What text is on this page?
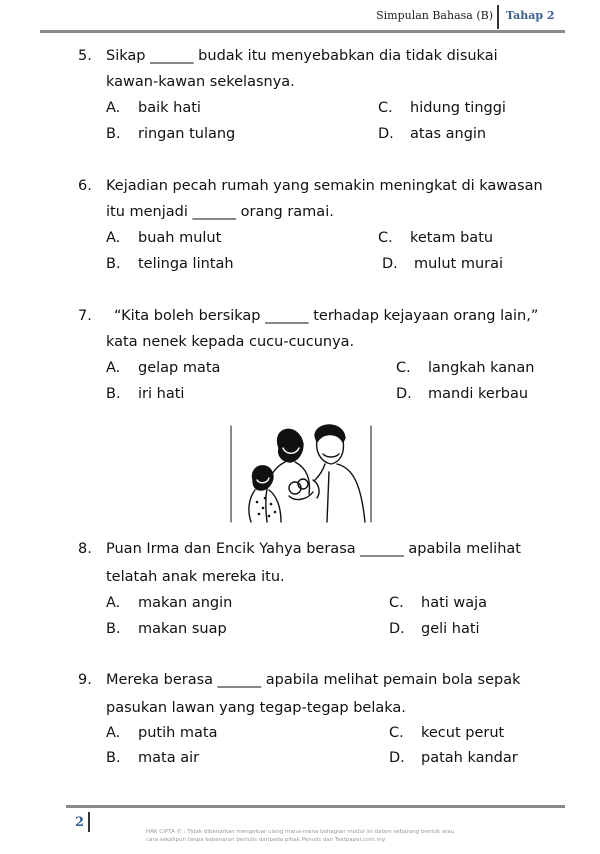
Simpulan Bahasa (B) Tahap 2
5. Sikap ______ budak itu menyebabkan dia tidak disukai
kawan-kawan sekelasnya.
A. baik hati	C. hidung tinggi
B. ringan tulang	D. atas angin
6. Kejadian pecah rumah yang semakin meningkat di kawasan
itu menjadi ______ orang ramai.
A. buah mulut	C. ketam batu
B. telinga lintah	D. mulut murai
7. “Kita boleh bersikap ______ terhadap kejayaan orang lain,”
kata nenek kepada cucu-cucunya.
A. gelap mata	C. langkah kanan
B. iri hati	D. mandi kerbau
8. Puan Irma dan Encik Yahya berasa ______ apabila melihat
telatah anak mereka itu.
A. makan angin	C. hati waja
B. makan suap	D. geli hati
9. Mereka berasa ______ apabila melihat pemain bola sepak
pasukan lawan yang tegap-tegap belaka.
A. putih mata	C. kecut perut
B. mata air	D. patah kandar
2
HAK CIPTA © : Tidak dibenarkan mengeluar ulang mana-mana bahagian modul ini dalam sebarang bentuk atau cara sekalipun tanpa kebenaran bertulis daripada pihak Penulis dan Testpaper.com.my.
